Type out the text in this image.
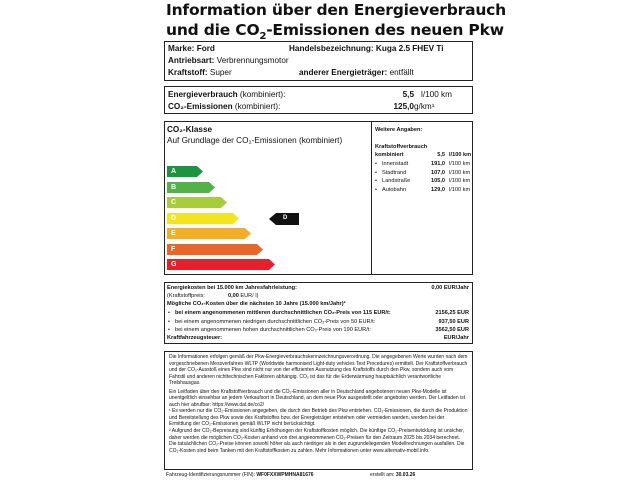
Information über den Energieverbrauch
und die $CO_2$-Emissionen des neuen Pkw
Marke: Ford	Handelsbezeichnung: Kuga 2.5 FHEV Ti
Antriebsart: Verbrennungsmotor
Kraftstoff: Super	anderer Energieträger: entfällt
Energieverbrauch (kombiniert):	5,5 l/100 km
CO₂-Emissionen (kombiniert):	125,0 g/km¹
CO₂-Klasse
Auf Grundlage der CO₂-Emissionen (kombiniert)
A
B
C
D
E
F
G
D
Weitere Angaben:
Kraftstoffverbrauch
kombiniert	5,5 l/100 km
• Innenstadt	191,0 l/100 km
• Stadtrand	107,0 l/100 km
• Landstraße	105,0 l/100 km
• Autobahn	129,0 l/100 km
Energiekosten bei 15.000 km Jahresfahrleistung:	0,00 EUR/Jahr
(Kraftstoffpreis:	0,00 EUR/ l)
Mögliche CO₂-Kosten über die nächsten 10 Jahre (15.000 km/Jahr)²
• bei einem angenommenen mittleren durchschnittlichen CO₂-Preis von 115 EUR/t:	2156,25 EUR
• bei einem angenommenen niedrigen durchschnittlichen CO₂-Preis von 50 EUR/t:	937,50 EUR
• bei einem angenommenen hohen durchschnittlichen CO₂-Preis von 190 EUR/t:	3562,50 EUR
Kraftfahrzeugsteuer:	EUR/Jahr

Die Informationen erfolgen gemäß der Pkw-Energieverbrauchskennzeichnungsverordnung. Die angegebenen Werte wurden nach dem vorgeschriebenen Messverfahren WLTP (Worldwide harmonised Light-duty vehicles Test Procedures) ermittelt. Der Kraftstoffverbrauch und der CO₂-Ausstoß eines Pkw sind nicht nur von der effizienten Ausnutzung des Kraftstoffs durch den Pkw, sondern auch vom Fahrstil und anderen nichttechnischen Faktoren abhängig. CO₂ ist das für die Erderwärmung hauptsächlich verantwortliche Treibhausgas.

Ein Leitfaden über den Kraftstoffverbrauch und die CO₂-Emissionen aller in Deutschland angebotenen neuen Pkw-Modelle ist unentgeltlich einsehbar an jedem Verkaufsort in Deutschland, an dem neue Pkw ausgestellt oder angeboten werden. Der Leitfaden ist auch hier abrufbar: https://www.dat.de/co2/

¹ Es werden nur die CO₂-Emissionen angegeben, die durch den Betrieb des Pkw entstehen. CO₂-Emissionen, die durch die Produktion und Bereitstellung des Pkw sowie des Kraftstoffes bzw. der Energieträger entstehen oder vermieden werden, werden bei der Ermittlung der CO₂-Emissionen gemäß WLTP nicht berücksichtigt.

² Aufgrund der CO₂-Bepreisung sind künftig Erhöhungen der Kraftstoffkosten möglich. Die künftige CO₂-Preisentwicklung ist unsicher, daher werden die möglichen CO₂-Kosten anhand von drei angenommenen CO₂-Preisen für den Zeitraum 2025 bis 2034 berechnet. Die tatsächlichen CO₂-Preise können sowohl höher als auch niedriger als in den zugrundeliegenden Modellrechnungen ausfallen. Die CO₂-Kosten sind beim Tanken mit den Kraftstoffkosten zu zahlen. Mehr Informationen unter www.alternativ-mobil.info.

Fahrzeug-Identifizierungsnummer (FIN): WF0FXXWPMHNA81676	erstellt am: 30.03.26
